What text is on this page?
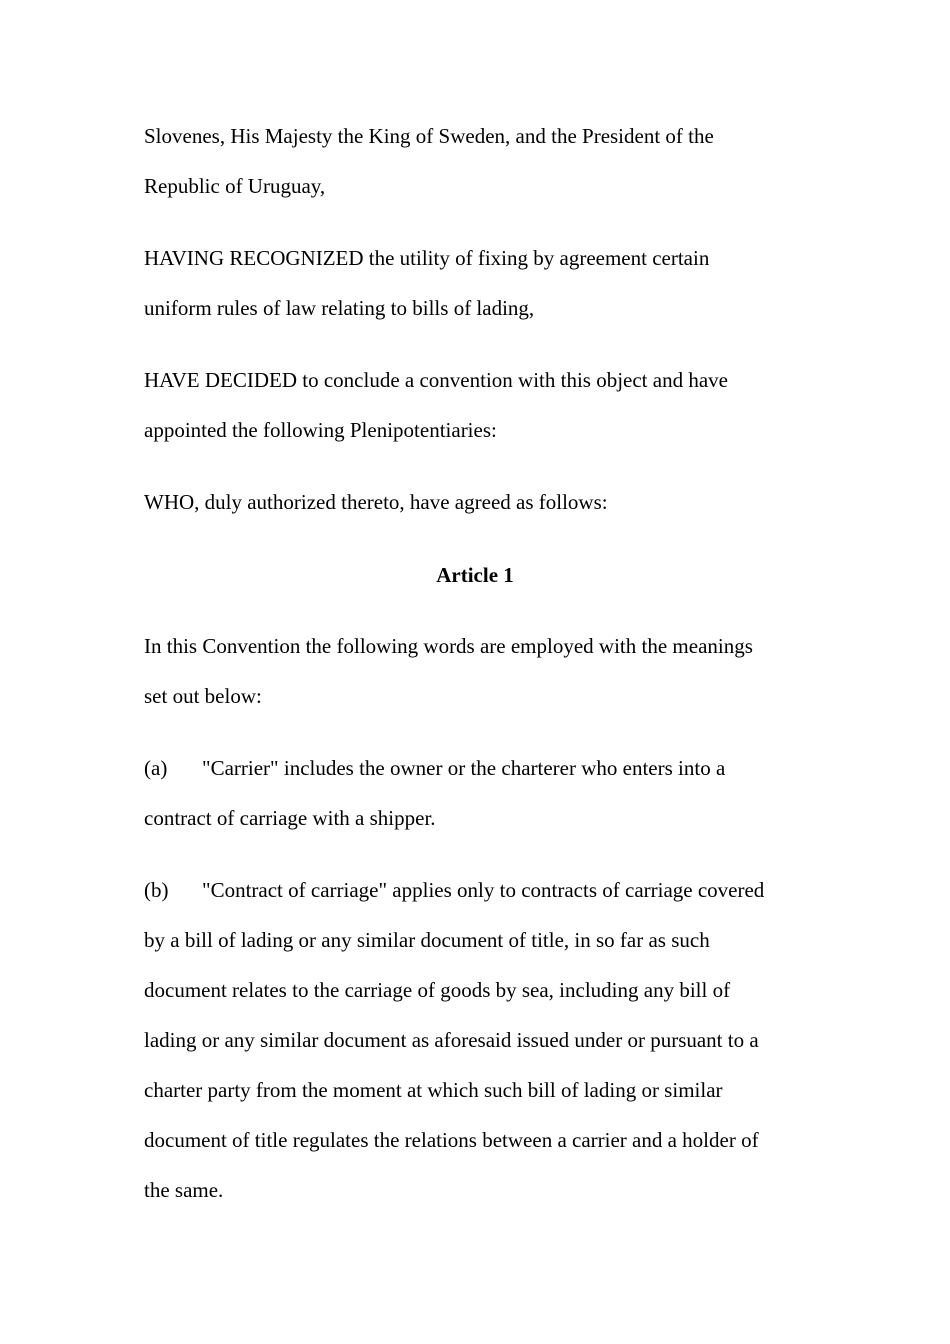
Slovenes, His Majesty the King of Sweden, and the President of the
Republic of Uruguay,

HAVING RECOGNIZED the utility of fixing by agreement certain
uniform rules of law relating to bills of lading,

HAVE DECIDED to conclude a convention with this object and have
appointed the following Plenipotentiaries:

WHO, duly authorized thereto, have agreed as follows:

Article 1

In this Convention the following words are employed with the meanings
set out below:

(a) "Carrier" includes the owner or the charterer who enters into a
contract of carriage with a shipper.

(b) "Contract of carriage" applies only to contracts of carriage covered
by a bill of lading or any similar document of title, in so far as such
document relates to the carriage of goods by sea, including any bill of
lading or any similar document as aforesaid issued under or pursuant to a
charter party from the moment at which such bill of lading or similar
document of title regulates the relations between a carrier and a holder of
the same.
